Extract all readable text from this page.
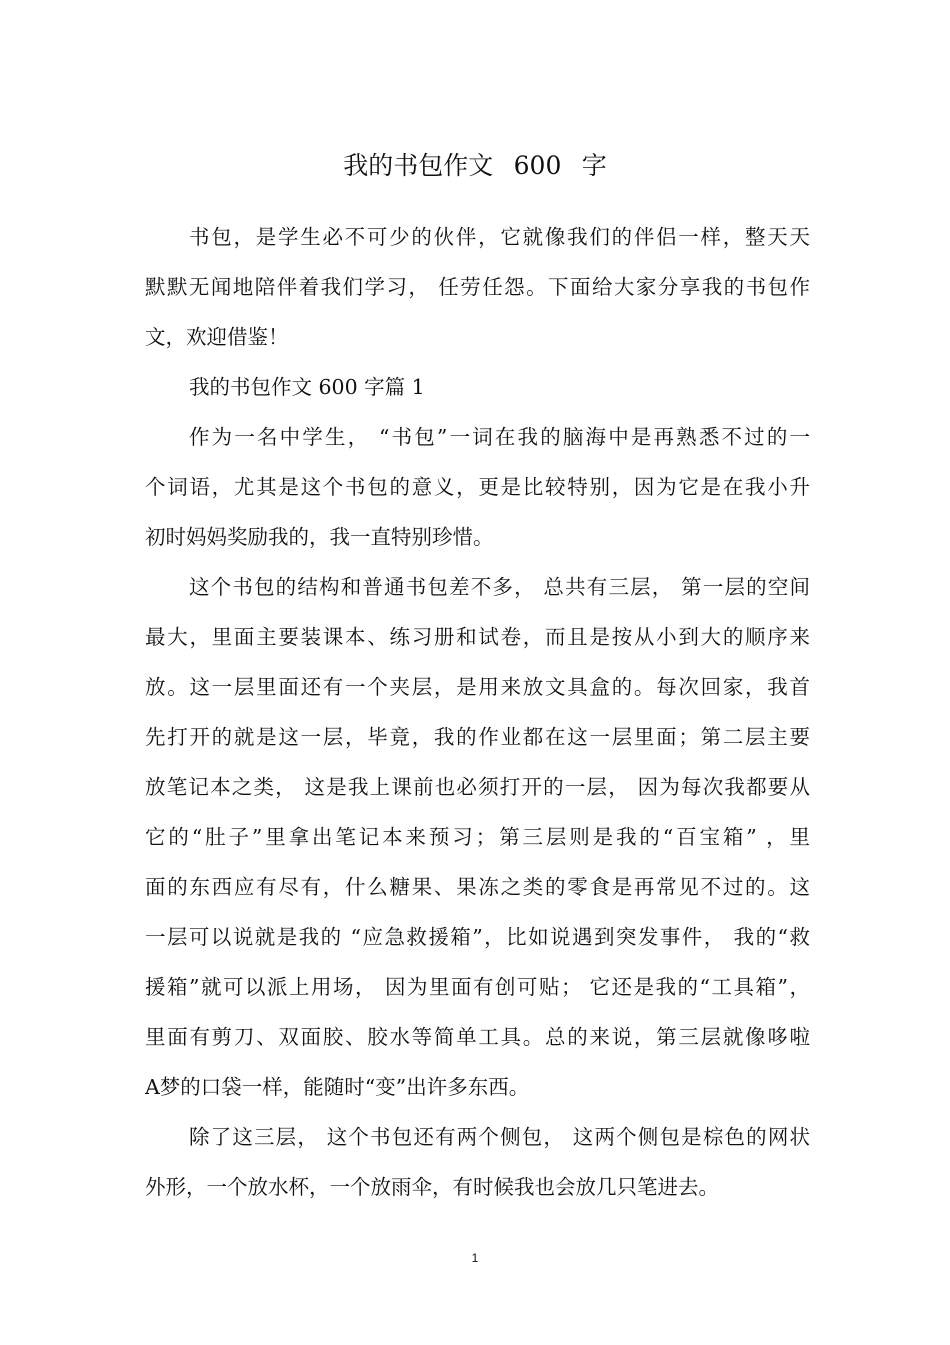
我的书包作文 600 字
书包，是学生必不可少的伙伴，它就像我们的伴侣一样，整天天
默默无闻地陪伴着我们学习， 任劳任怨。下面给大家分享我的书包作
文，欢迎借鉴！
我的书包作文 600 字篇 1
作为一名中学生， “书包”一词在我的脑海中是再熟悉不过的一
个词语，尤其是这个书包的意义，更是比较特别，因为它是在我小升
初时妈妈奖励我的，我一直特别珍惜。
这个书包的结构和普通书包差不多， 总共有三层， 第一层的空间
最大，里面主要装课本、练习册和试卷，而且是按从小到大的顺序来
放。这一层里面还有一个夹层，是用来放文具盒的。每次回家，我首
先打开的就是这一层，毕竟，我的作业都在这一层里面；第二层主要
放笔记本之类， 这是我上课前也必须打开的一层， 因为每次我都要从
它的“肚子”里拿出笔记本来预习；第三层则是我的“百宝箱” ，里
面的东西应有尽有，什么糖果、果冻之类的零食是再常见不过的。这
一层可以说就是我的 “应急救援箱”，比如说遇到突发事件， 我的“救
援箱”就可以派上用场， 因为里面有创可贴； 它还是我的“工具箱”，
里面有剪刀、双面胶、胶水等简单工具。总的来说，第三层就像哆啦
A梦的口袋一样，能随时“变”出许多东西。
除了这三层， 这个书包还有两个侧包， 这两个侧包是棕色的网状
外形，一个放水杯，一个放雨伞，有时候我也会放几只笔进去。
1
